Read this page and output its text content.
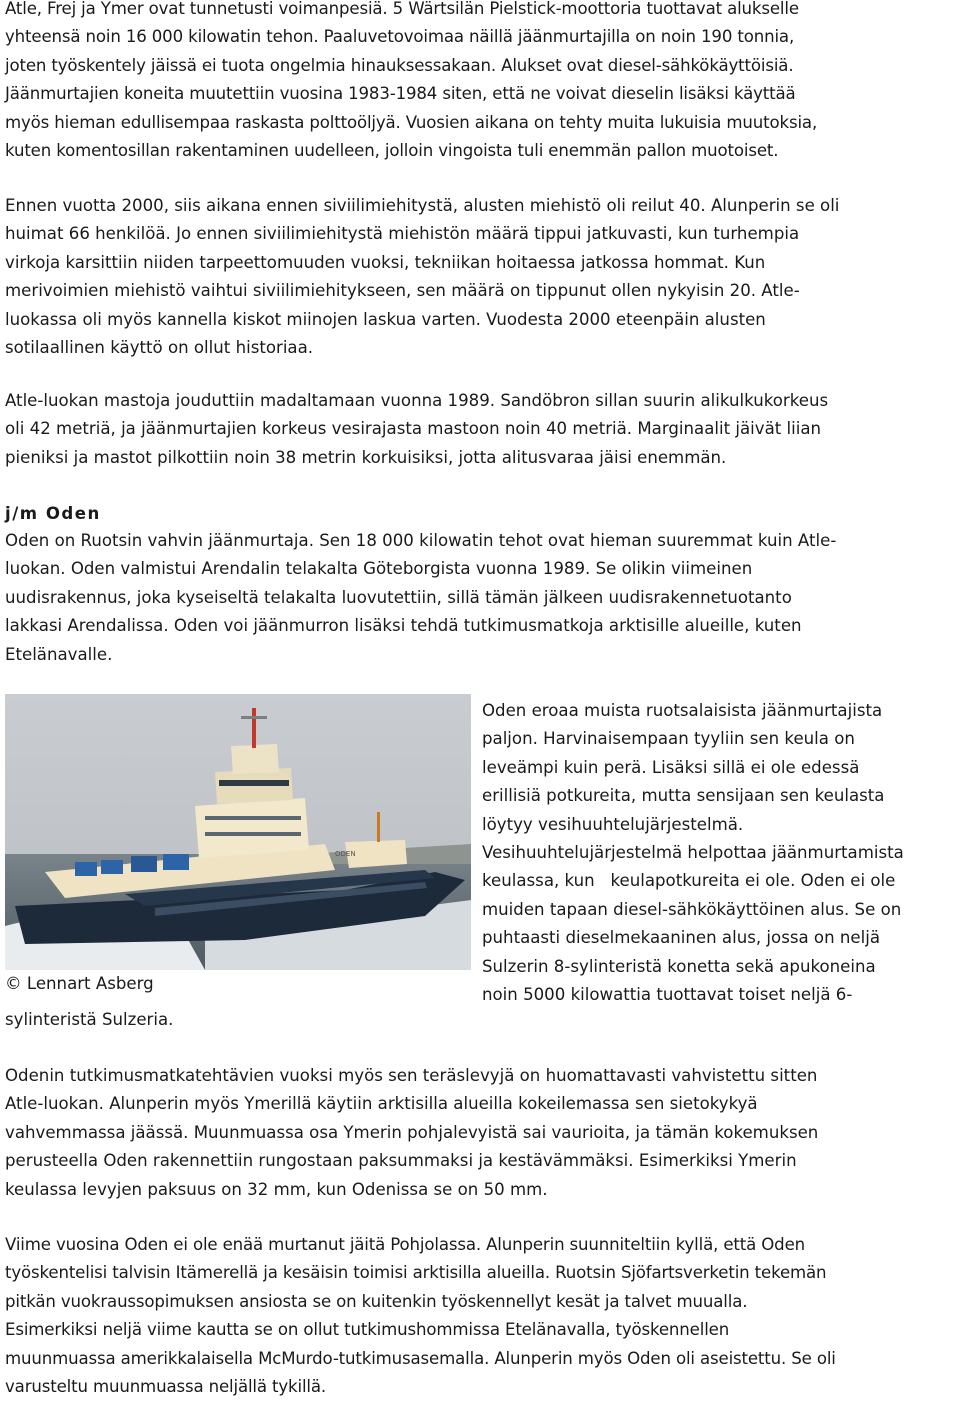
Atle, Frej ja Ymer ovat tunnetusti voimanpesiä. 5 Wärtsilän Pielstick-moottoria tuottavat alukselle
yhteensä noin 16 000 kilowatin tehon. Paaluvetovoimaa näillä jäänmurtajilla on noin 190 tonnia,
joten työskentely jäissä ei tuota ongelmia hinauksessakaan. Alukset ovat diesel-sähkökäyttöisiä.
Jäänmurtajien koneita muutettiin vuosina 1983-1984 siten, että ne voivat dieselin lisäksi käyttää
myös hieman edullisempaa raskasta polttoöljyä. Vuosien aikana on tehty muita lukuisia muutoksia,
kuten komentosillan rakentaminen uudelleen, jolloin vingoista tuli enemmän pallon muotoiset.
Ennen vuotta 2000, siis aikana ennen siviilimiehitystä, alusten miehistö oli reilut 40. Alunperin se oli
huimat 66 henkilöä. Jo ennen siviilimiehitystä miehistön määrä tippui jatkuvasti, kun turhempia
virkoja karsittiin niiden tarpeettomuuden vuoksi, tekniikan hoitaessa jatkossa hommat. Kun
merivoimien miehistö vaihtui siviilimiehitykseen, sen määrä on tippunut ollen nykyisin 20. Atle-
luokassa oli myös kannella kiskot miinojen laskua varten. Vuodesta 2000 eteenpäin alusten
sotilaallinen käyttö on ollut historiaa.
Atle-luokan mastoja jouduttiin madaltamaan vuonna 1989. Sandöbron sillan suurin alikulkukorkeus
oli 42 metriä, ja jäänmurtajien korkeus vesirajasta mastoon noin 40 metriä. Marginaalit jäivät liian
pieniksi ja mastot pilkottiin noin 38 metrin korkuisiksi, jotta alitusvaraa jäisi enemmän.
j/m Oden
Oden on Ruotsin vahvin jäänmurtaja. Sen 18 000 kilowatin tehot ovat hieman suuremmat kuin Atle-
luokan. Oden valmistui Arendalin telakalta Göteborgista vuonna 1989. Se olikin viimeinen
uudisrakennus, joka kyseiseltä telakalta luovutettiin, sillä tämän jälkeen uudisrakennetuotanto
lakkasi Arendalissa. Oden voi jäänmurron lisäksi tehdä tutkimusmatkoja arktisille alueille, kuten
Etelänavalle.
ODEN
Oden eroaa muista ruotsalaisista jäänmurtajista
paljon. Harvinaisempaan tyyliin sen keula on
leveämpi kuin perä. Lisäksi sillä ei ole edessä
erillisiä potkureita, mutta sensijaan sen keulasta
löytyy vesihuuhtelujärjestelmä.
Vesihuuhtelujärjestelmä helpottaa jäänmurtamista
keulassa, kun   keulapotkureita ei ole. Oden ei ole
muiden tapaan diesel-sähkökäyttöinen alus. Se on
puhtaasti dieselmekaaninen alus, jossa on neljä
Sulzerin 8-sylinteristä konetta sekä apukoneina
noin 5000 kilowattia tuottavat toiset neljä 6-
© Lennart Asberg
sylinteristä Sulzeria.
Odenin tutkimusmatkatehtävien vuoksi myös sen teräslevyjä on huomattavasti vahvistettu sitten
Atle-luokan. Alunperin myös Ymerillä käytiin arktisilla alueilla kokeilemassa sen sietokykyä
vahvemmassa jäässä. Muunmuassa osa Ymerin pohjalevyistä sai vaurioita, ja tämän kokemuksen
perusteella Oden rakennettiin rungostaan paksummaksi ja kestävämmäksi. Esimerkiksi Ymerin
keulassa levyjen paksuus on 32 mm, kun Odenissa se on 50 mm.
Viime vuosina Oden ei ole enää murtanut jäitä Pohjolassa. Alunperin suunniteltiin kyllä, että Oden
työskentelisi talvisin Itämerellä ja kesäisin toimisi arktisilla alueilla. Ruotsin Sjöfartsverketin tekemän
pitkän vuokraussopimuksen ansiosta se on kuitenkin työskennellyt kesät ja talvet muualla.
Esimerkiksi neljä viime kautta se on ollut tutkimushommissa Etelänavalla, työskennellen
muunmuassa amerikkalaisella McMurdo-tutkimusasemalla. Alunperin myös Oden oli aseistettu. Se oli
varusteltu muunmuassa neljällä tykillä.
